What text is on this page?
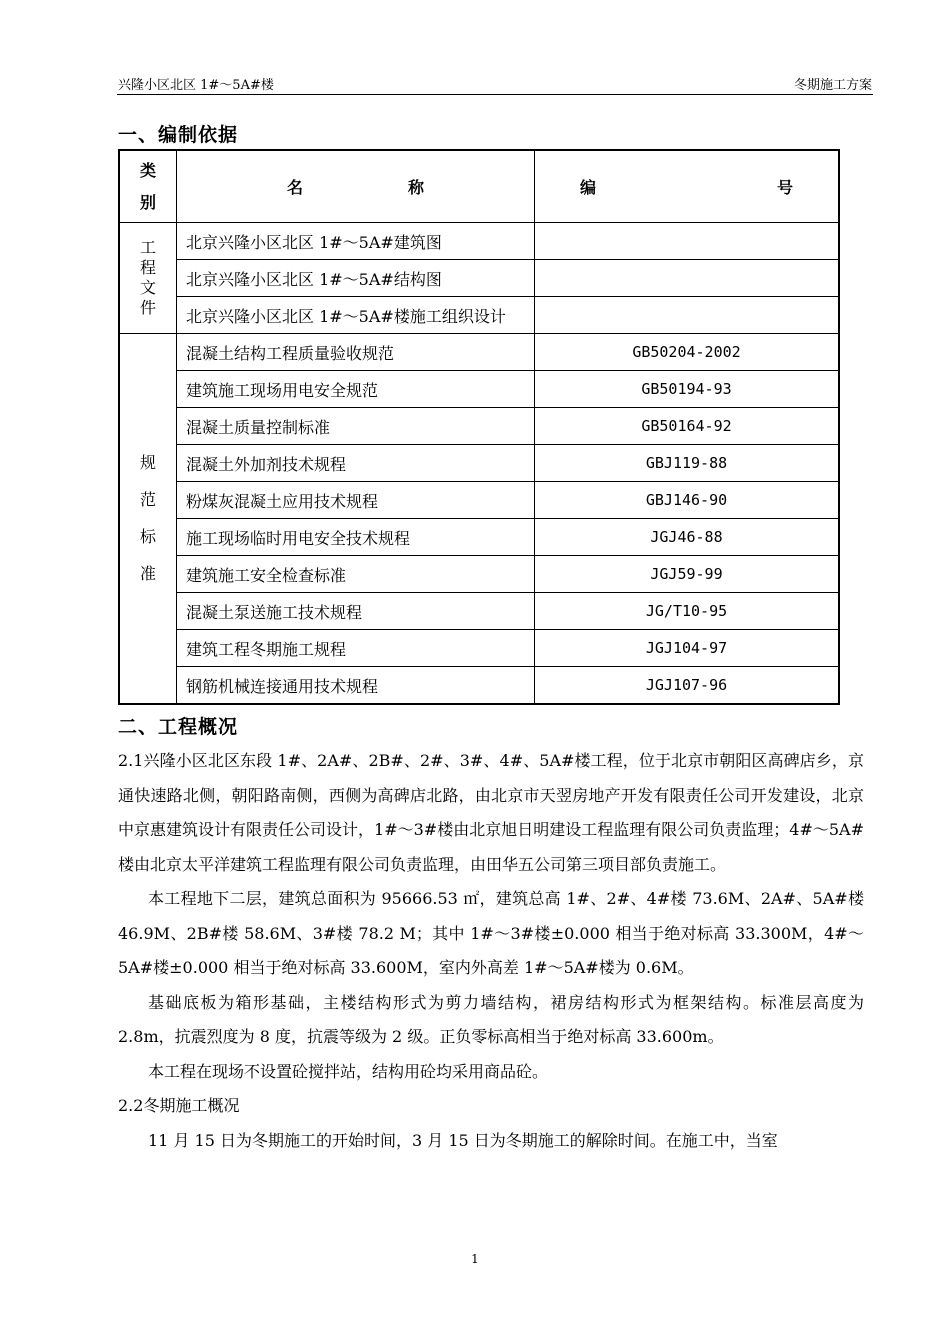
兴隆小区北区 1#～5A#楼	冬期施工方案
一、编制依据
类
别	名 称	编 号

工
程
文
件	北京兴隆小区北区 1#～5A#建筑图	
	北京兴隆小区北区 1#～5A#结构图	
	北京兴隆小区北区 1#～5A#楼施工组织设计	

规
范
标
准	混凝土结构工程质量验收规范	GB50204-2002
	建筑施工现场用电安全规范	GB50194-93
	混凝土质量控制标准	GB50164-92
	混凝土外加剂技术规程	GBJ119-88
	粉煤灰混凝土应用技术规程	GBJ146-90
	施工现场临时用电安全技术规程	JGJ46-88
	建筑施工安全检查标准	JGJ59-99
	混凝土泵送施工技术规程	JG/T10-95
	建筑工程冬期施工规程	JGJ104-97
	钢筋机械连接通用技术规程	JGJ107-96
二、工程概况

2.1兴隆小区北区东段 1#、2A#、2B#、2#、3#、4#、5A#楼工程，位于北京市朝阳区高碑店乡，京通快速路北侧，朝阳路南侧，西侧为高碑店北路，由北京市天翌房地产开发有限责任公司开发建设，北京中京惠建筑设计有限责任公司设计，1#～3#楼由北京旭日明建设工程监理有限公司负责监理；4#～5A#楼由北京太平洋建筑工程监理有限公司负责监理，由田华五公司第三项目部负责施工。

本工程地下二层，建筑总面积为 95666.53 ㎡，建筑总高 1#、2#、4#楼 73.6M、2A#、5A#楼 46.9M、2B#楼 58.6M、3#楼 78.2 M；其中 1#～3#楼±0.000 相当于绝对标高 33.300M，4#～5A#楼±0.000 相当于绝对标高 33.600M，室内外高差 1#～5A#楼为 0.6M。

基础底板为箱形基础，主楼结构形式为剪力墙结构，裙房结构形式为框架结构。标准层高度为 2.8m，抗震烈度为 8 度，抗震等级为 2 级。正负零标高相当于绝对标高 33.600m。

本工程在现场不设置砼搅拌站，结构用砼均采用商品砼。

2.2冬期施工概况

11 月 15 日为冬期施工的开始时间，3 月 15 日为冬期施工的解除时间。在施工中，当室

1
